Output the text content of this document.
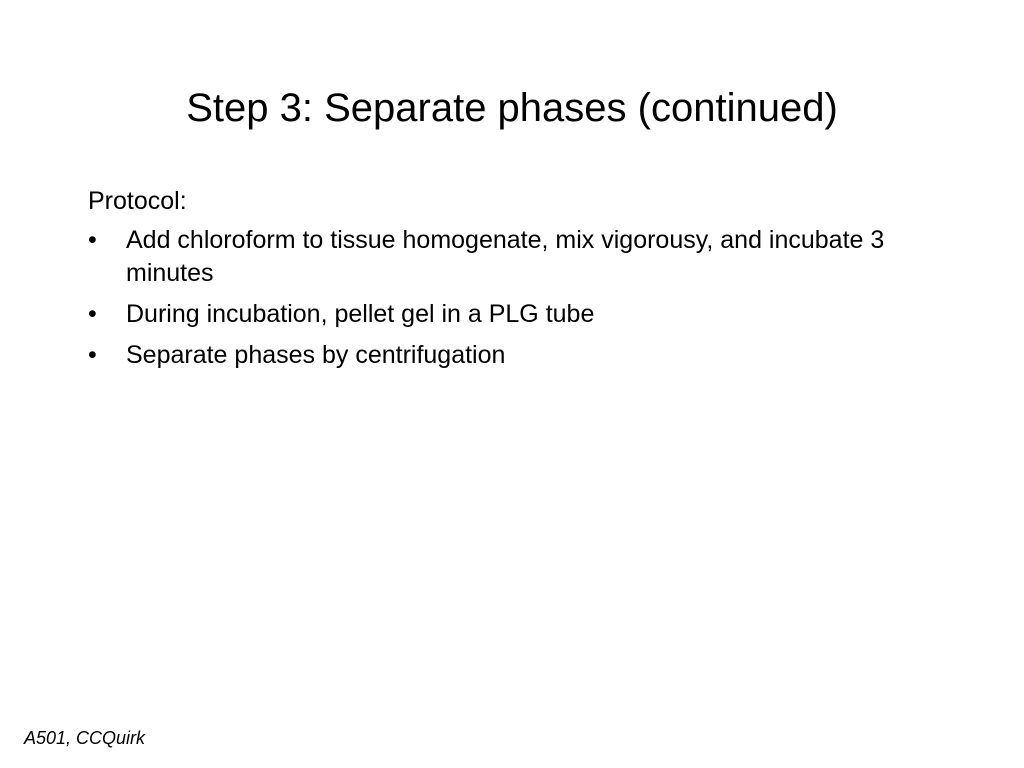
Step 3: Separate phases (continued)

Protocol:

•	Add chloroform to tissue homogenate, mix vigorousy, and incubate 3 minutes
•	During incubation, pellet gel in a PLG tube
•	Separate phases by centrifugation
A501, CCQuirk
